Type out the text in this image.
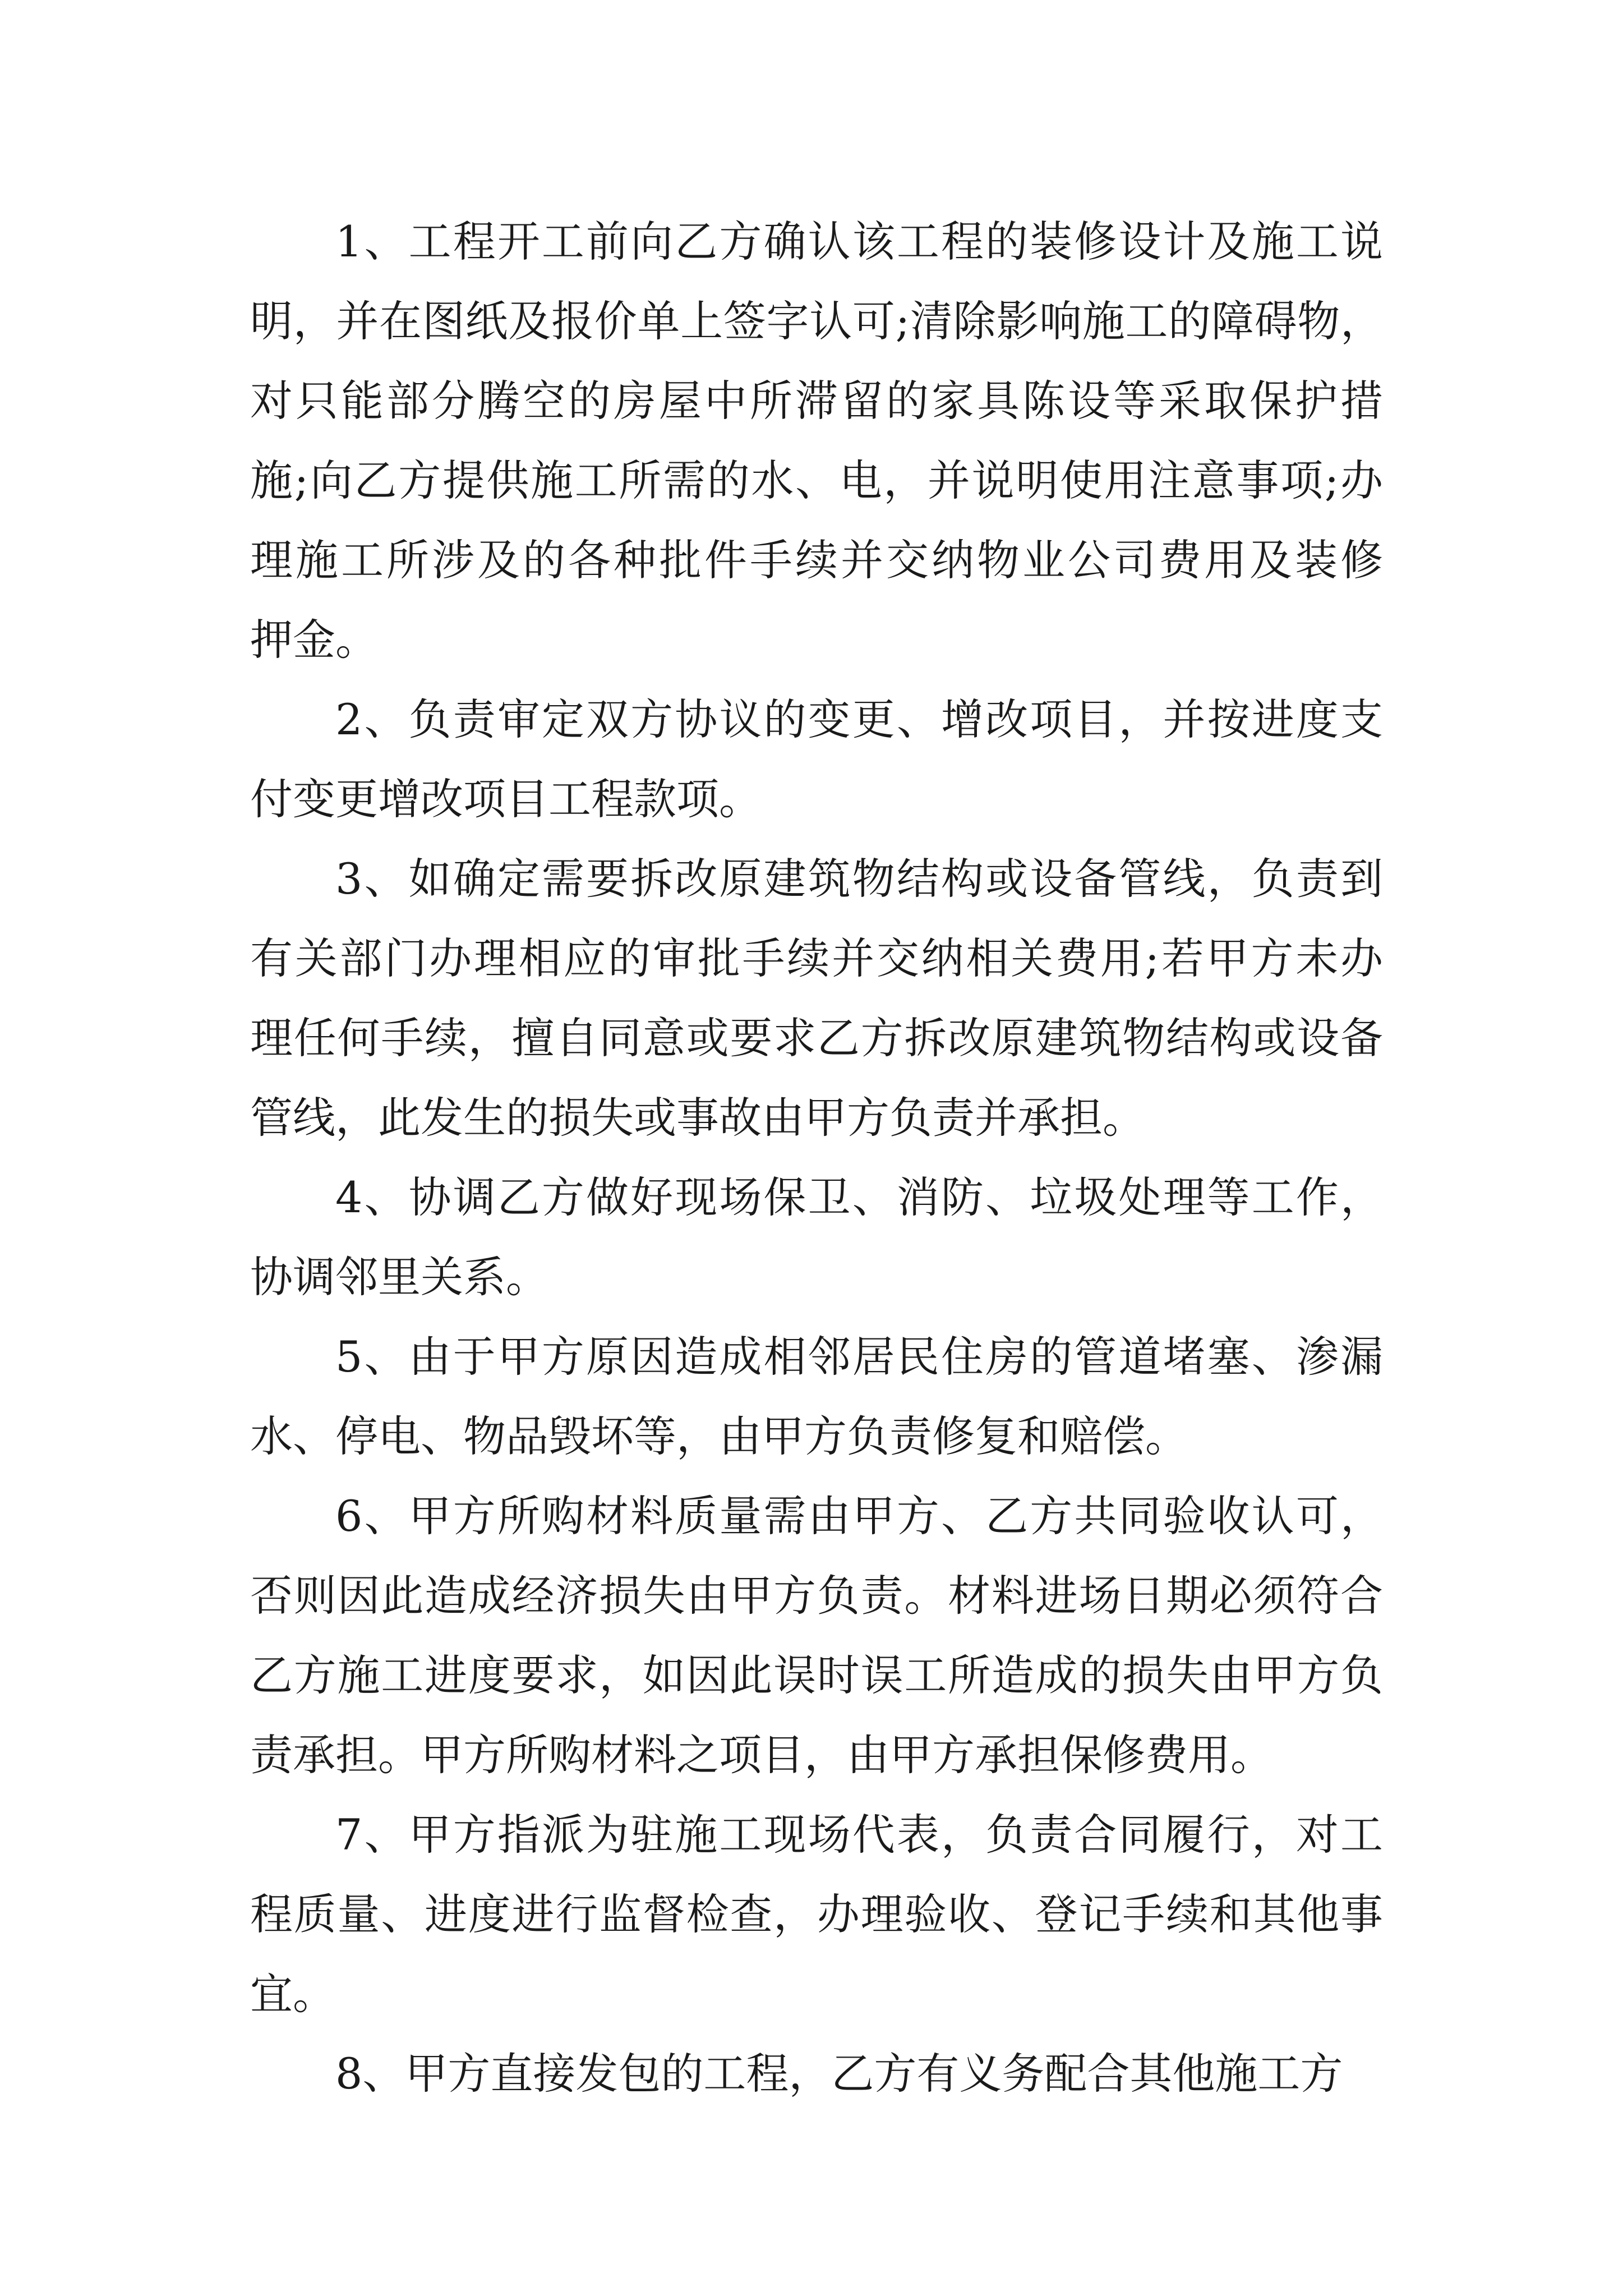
1、工程开工前向乙方确认该工程的装修设计及施工说
明，并在图纸及报价单上签字认可;清除影响施工的障碍物，
对只能部分腾空的房屋中所滞留的家具陈设等采取保护措
施;向乙方提供施工所需的水、电，并说明使用注意事项;办
理施工所涉及的各种批件手续并交纳物业公司费用及装修
押金。
2、负责审定双方协议的变更、增改项目，并按进度支
付变更增改项目工程款项。
3、如确定需要拆改原建筑物结构或设备管线，负责到
有关部门办理相应的审批手续并交纳相关费用;若甲方未办
理任何手续，擅自同意或要求乙方拆改原建筑物结构或设备
管线，此发生的损失或事故由甲方负责并承担。
4、协调乙方做好现场保卫、消防、垃圾处理等工作，
协调邻里关系。
5、由于甲方原因造成相邻居民住房的管道堵塞、渗漏
水、停电、物品毁坏等，由甲方负责修复和赔偿。
6、甲方所购材料质量需由甲方、乙方共同验收认可，
否则因此造成经济损失由甲方负责。材料进场日期必须符合
乙方施工进度要求，如因此误时误工所造成的损失由甲方负
责承担。甲方所购材料之项目，由甲方承担保修费用。
7、甲方指派为驻施工现场代表，负责合同履行，对工
程质量、进度进行监督检查，办理验收、登记手续和其他事
宜。
8、甲方直接发包的工程，乙方有义务配合其他施工方
